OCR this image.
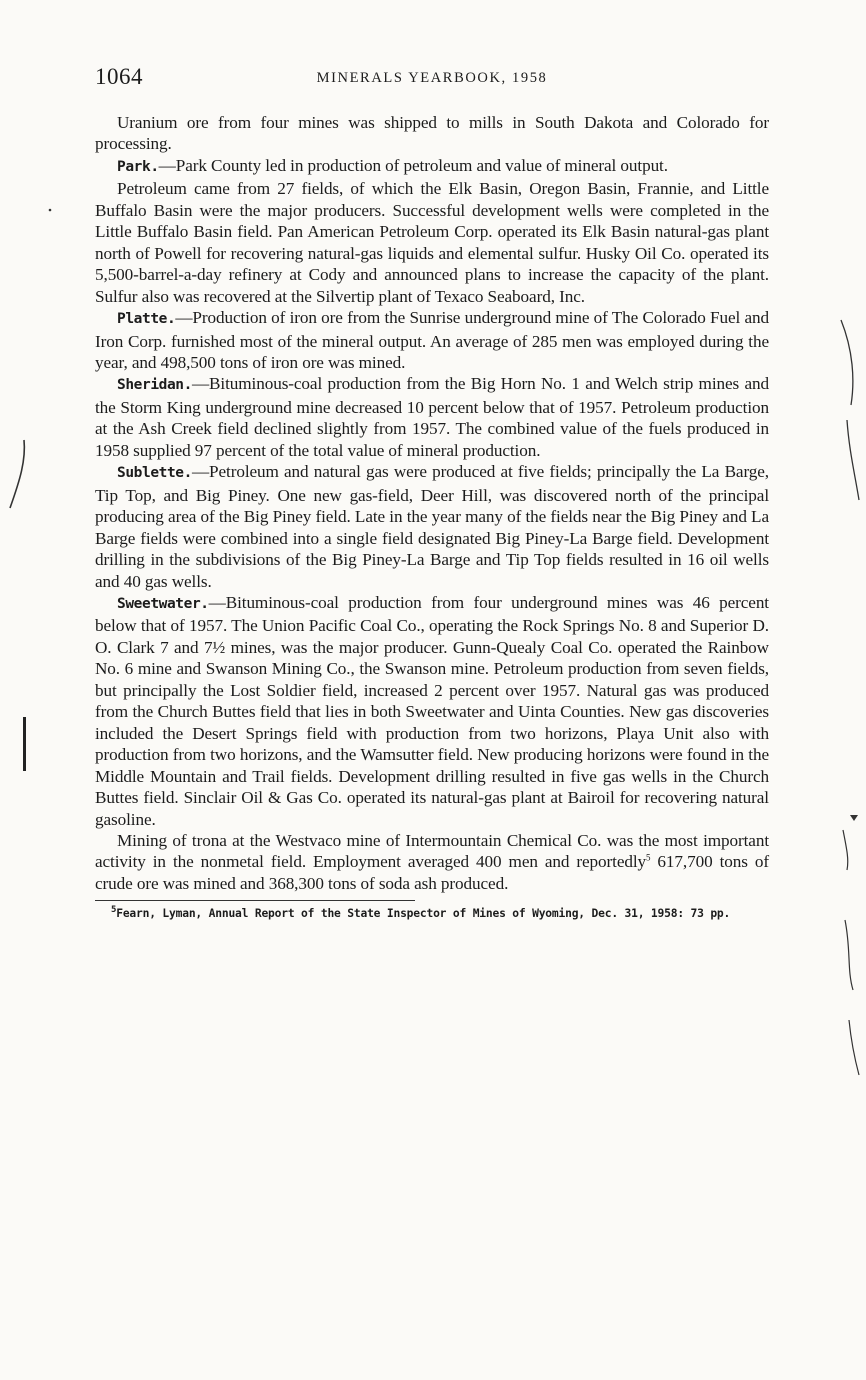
1064	MINERALS YEARBOOK, 1958

Uranium ore from four mines was shipped to mills in South Dakota and Colorado for processing.

Park.—Park County led in production of petroleum and value of mineral output.

Petroleum came from 27 fields, of which the Elk Basin, Oregon Basin, Frannie, and Little Buffalo Basin were the major producers. Successful development wells were completed in the Little Buffalo Basin field. Pan American Petroleum Corp. operated its Elk Basin natural-gas plant north of Powell for recovering natural-gas liquids and elemental sulfur. Husky Oil Co. operated its 5,500-barrel-a-day refinery at Cody and announced plans to increase the capacity of the plant. Sulfur also was recovered at the Silvertip plant of Texaco Seaboard, Inc.

Platte.—Production of iron ore from the Sunrise underground mine of The Colorado Fuel and Iron Corp. furnished most of the mineral output. An average of 285 men was employed during the year, and 498,500 tons of iron ore was mined.

Sheridan.—Bituminous-coal production from the Big Horn No. 1 and Welch strip mines and the Storm King underground mine decreased 10 percent below that of 1957. Petroleum production at the Ash Creek field declined slightly from 1957. The combined value of the fuels produced in 1958 supplied 97 percent of the total value of mineral production.

Sublette.—Petroleum and natural gas were produced at five fields; principally the La Barge, Tip Top, and Big Piney. One new gas-field, Deer Hill, was discovered north of the principal producing area of the Big Piney field. Late in the year many of the fields near the Big Piney and La Barge fields were combined into a single field designated Big Piney-La Barge field. Development drilling in the subdivisions of the Big Piney-La Barge and Tip Top fields resulted in 16 oil wells and 40 gas wells.

Sweetwater.—Bituminous-coal production from four underground mines was 46 percent below that of 1957. The Union Pacific Coal Co., operating the Rock Springs No. 8 and Superior D. O. Clark 7 and 7½ mines, was the major producer. Gunn-Quealy Coal Co. operated the Rainbow No. 6 mine and Swanson Mining Co., the Swanson mine. Petroleum production from seven fields, but principally the Lost Soldier field, increased 2 percent over 1957. Natural gas was produced from the Church Buttes field that lies in both Sweetwater and Uinta Counties. New gas discoveries included the Desert Springs field with production from two horizons, Playa Unit also with production from two horizons, and the Wamsutter field. New producing horizons were found in the Middle Mountain and Trail fields. Development drilling resulted in five gas wells in the Church Buttes field. Sinclair Oil & Gas Co. operated its natural-gas plant at Bairoil for recovering natural gasoline.

Mining of trona at the Westvaco mine of Intermountain Chemical Co. was the most important activity in the nonmetal field. Employment averaged 400 men and reportedly$^5$ 617,700 tons of crude ore was mined and 368,300 tons of soda ash produced.

$^5$Fearn, Lyman, Annual Report of the State Inspector of Mines of Wyoming, Dec. 31, 1958: 73 pp.
